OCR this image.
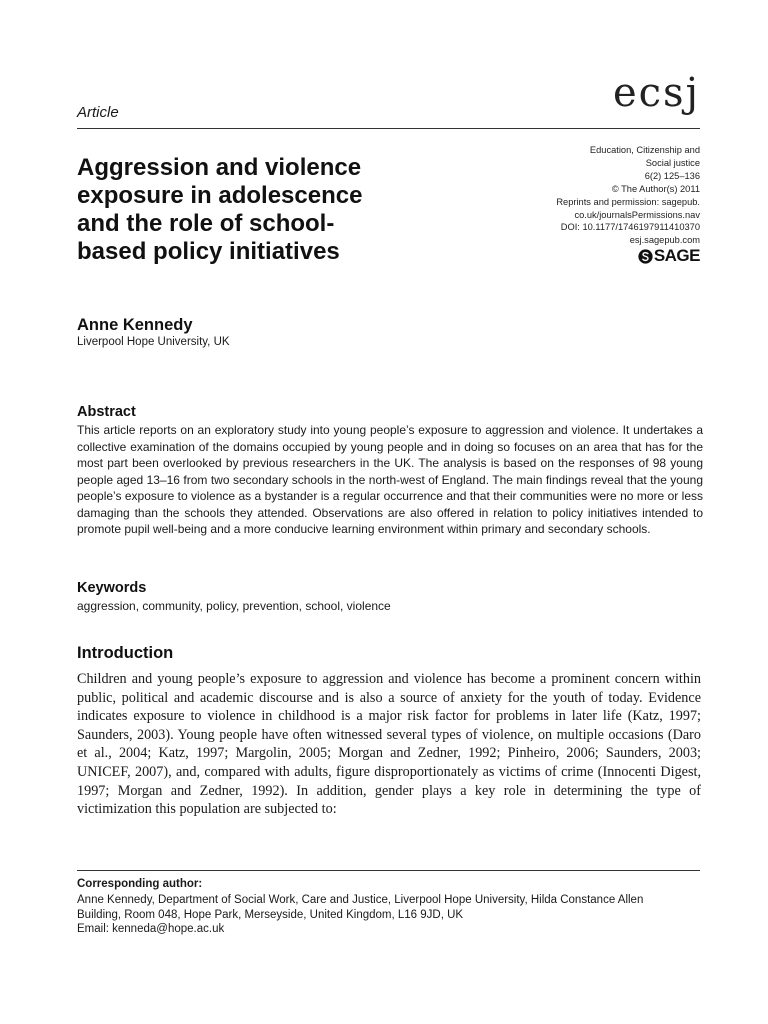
Article	ecsj
Aggression and violence exposure in adolescence and the role of school-based policy initiatives
Education, Citizenship and
Social justice
6(2) 125–136
© The Author(s) 2011
Reprints and permission: sagepub.
co.uk/journalsPermissions.nav
DOI: 10.1177/1746197911410370
esj.sagepub.com
SAGE
Anne Kennedy
Liverpool Hope University, UK
Abstract

This article reports on an exploratory study into young people’s exposure to aggression and violence. It undertakes a collective examination of the domains occupied by young people and in doing so focuses on an area that has for the most part been overlooked by previous researchers in the UK. The analysis is based on the responses of 98 young people aged 13–16 from two secondary schools in the north-west of England. The main findings reveal that the young people’s exposure to violence as a bystander is a regular occurrence and that their communities were no more or less damaging than the schools they attended. Observations are also offered in relation to policy initiatives intended to promote pupil well-being and a more conducive learning environment within primary and secondary schools.

Keywords
aggression, community, policy, prevention, school, violence
Introduction

Children and young people’s exposure to aggression and violence has become a prominent concern within public, political and academic discourse and is also a source of anxiety for the youth of today. Evidence indicates exposure to violence in childhood is a major risk factor for problems in later life (Katz, 1997; Saunders, 2003). Young people have often witnessed several types of violence, on multiple occasions (Daro et al., 2004; Katz, 1997; Margolin, 2005; Morgan and Zedner, 1992; Pinheiro, 2006; Saunders, 2003; UNICEF, 2007), and, compared with adults, figure disproportionately as victims of crime (Innocenti Digest, 1997; Morgan and Zedner, 1992). In addition, gender plays a key role in determining the type of victimization this population are subjected to:

Corresponding author:
Anne Kennedy, Department of Social Work, Care and Justice, Liverpool Hope University, Hilda Constance Allen
Building, Room 048, Hope Park, Merseyside, United Kingdom, L16 9JD, UK
Email: kenneda@hope.ac.uk
